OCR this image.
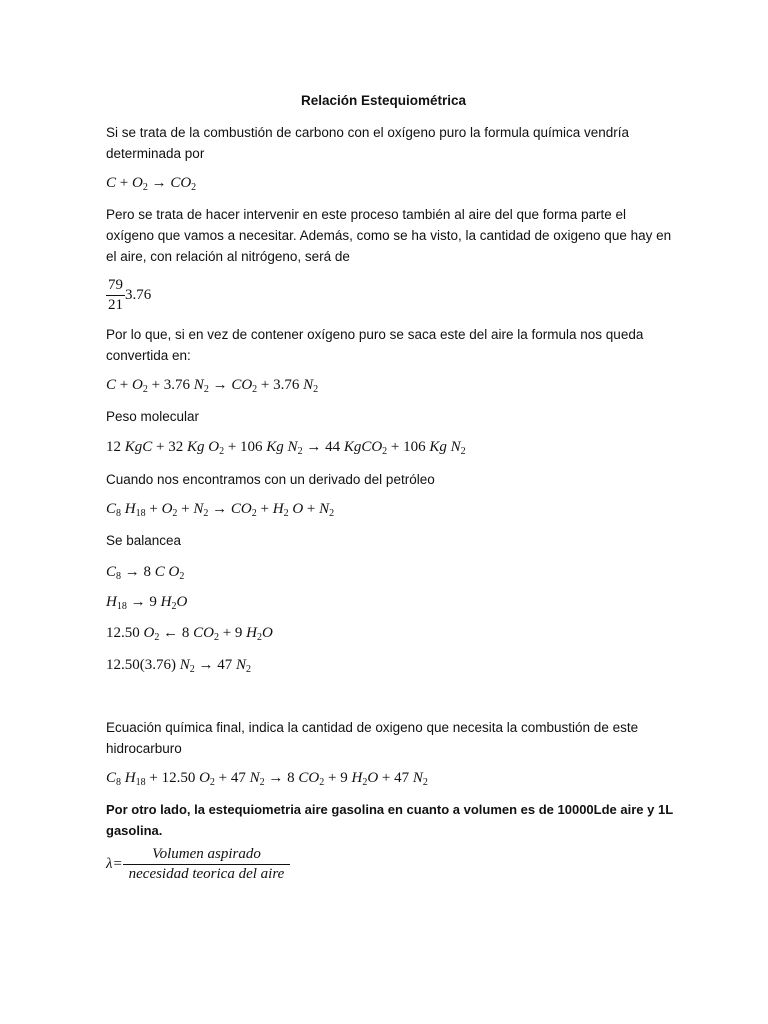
Relación Estequiométrica
Si se trata de la combustión de carbono con el oxígeno puro la formula química vendría determinada por
$C + O_2 \to CO_2$
Pero se trata de hacer intervenir en este proceso también al aire del que forma parte el oxígeno que vamos a necesitar. Además, como se ha visto, la cantidad de oxigeno que hay en el aire, con relación al nitrógeno, será de
$\frac{79}{21} 3.76$
Por lo que, si en vez de contener oxígeno puro se saca este del aire la formula nos queda convertida en:
$C + O_2 + 3.76$ $N_2 \to CO_2 + 3.76$ $N_2$
Peso molecular
12 KgC + 32 Kg $O_2 + 106$ Kg $N_2 \to 44$ KgCO$_2$ + 106 Kg $N_2$
Cuando nos encontramos con un derivado del petróleo
$C_8$ $H_{18} + O_2 + N_2 \to CO_2 + H_2$ $O + N_2$
Se balancea
$C_8 \to 8$ C $O_2$
$H_{18} \to 9$ $H_2O$
12.50 $O_2$ ← 8 $CO_2 + 9$ $H_2O$
12.50(3.76) $N_2 \to 47$ $N_2$
Ecuación química final, indica la cantidad de oxigeno que necesita la combustión de este hidrocarburo
$C_8$ $H_{18} + 12.50$ $O_2 + 47$ $N_2 \to 8$ $CO_2 + 9$ $H_2O + 47$ $N_2$
Por otro lado, la estequiometria aire gasolina en cuanto a volumen es de 10000Lde aire y 1L gasolina.
$\lambda= \frac{\text{Volumen aspirado}}{\text{necesidad teorica del aire}}$
